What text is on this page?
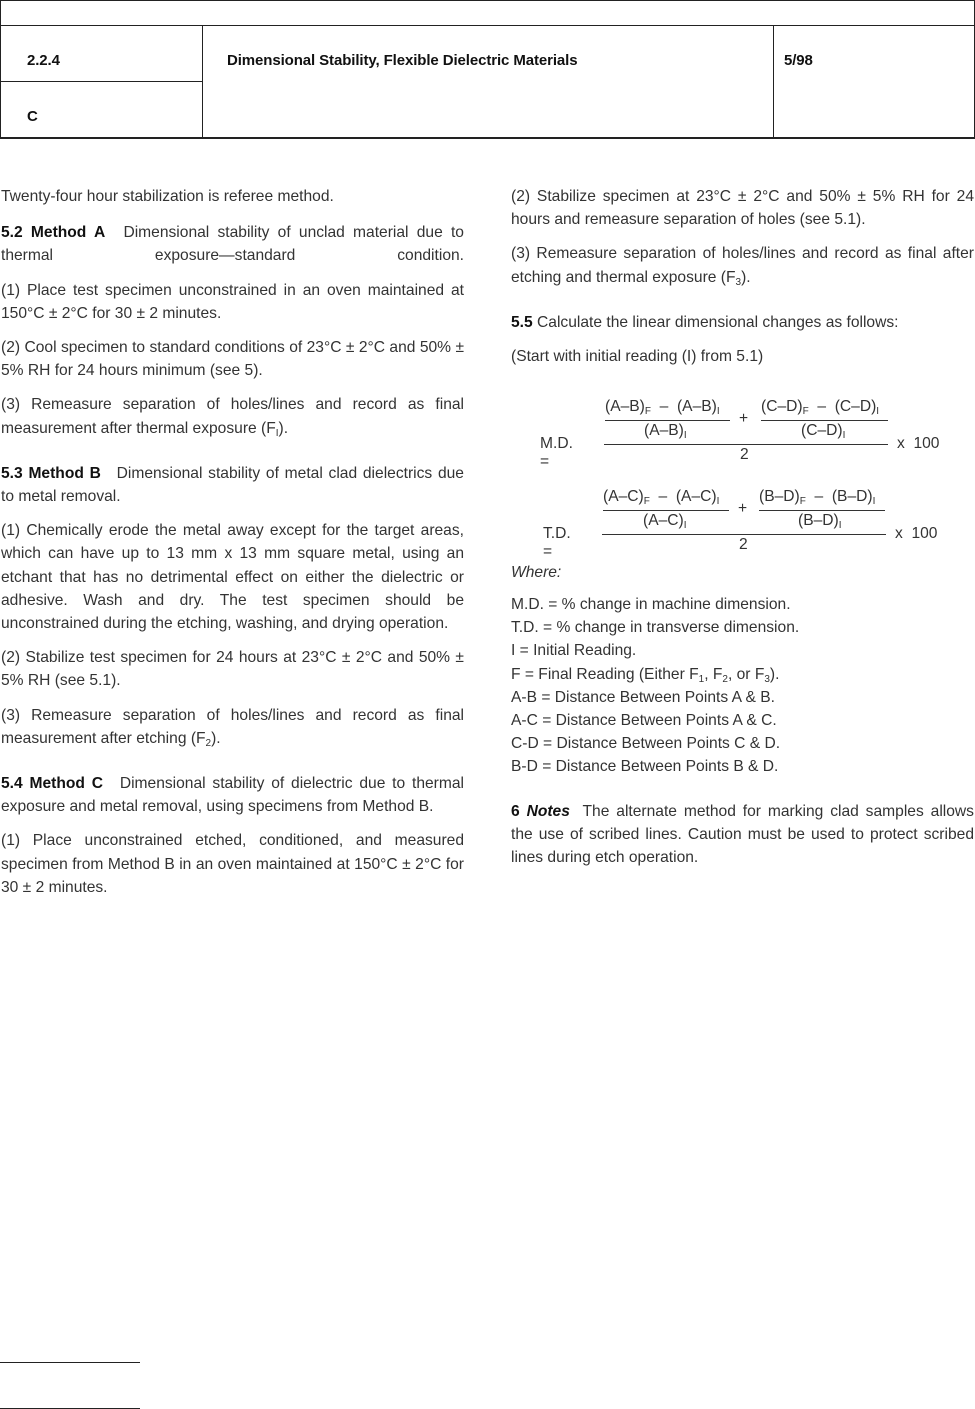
2.2.4
C
Dimensional Stability, Flexible Dielectric Materials	5/98

Twenty-four hour stabilization is referee method.

5.2 Method A Dimensional stability of unclad material due to thermal exposure—standard condition.

(1) Place test specimen unconstrained in an oven maintained at 150°C ± 2°C for 30 ± 2 minutes.

(2) Cool specimen to standard conditions of 23°C ± 2°C and 50% ± 5% RH for 24 hours minimum (see 5).

(3) Remeasure separation of holes/lines and record as final measurement after thermal exposure $(F_I)$.

5.3 Method B Dimensional stability of metal clad dielectrics due to metal removal.

(1) Chemically erode the metal away except for the target areas, which can have up to 13 mm x 13 mm square metal, using an etchant that has no detrimental effect on either the dielectric or adhesive. Wash and dry. The test specimen should be unconstrained during the etching, washing, and drying operation.

(2) Stabilize test specimen for 24 hours at 23°C ± 2°C and 50% ± 5% RH (see 5.1).

(3) Remeasure separation of holes/lines and record as final measurement after etching $(F_2)$.

5.4 Method C Dimensional stability of dielectric due to thermal exposure and metal removal, using specimens from Method B.

(1) Place unconstrained etched, conditioned, and measured specimen from Method B in an oven maintained at 150°C ± 2°C for 30 ± 2 minutes.

(2) Stabilize specimen at 23°C ± 2°C and 50% ± 5% RH for 24 hours and remeasure separation of holes (see 5.1).

(3) Remeasure separation of holes/lines and record as final after etching and thermal exposure $(F_3)$.

5.5 Calculate the linear dimensional changes as follows:

(Start with initial reading (I) from 5.1)

M.D. =
$(A-B)_F - (A-B)_I$
$(A-B)_I$
+
$(C-D)_F - (C-D)_I$
$(C-D)_I$
2
x  100
T.D. =
$(A-C)_F - (A-C)_I$
$(A-C)_I$
+
$(B-D)_F - (B-D)_I$
$(B-D)_I$
2
x  100
Where:
M.D. = % change in machine dimension.
T.D. = % change in transverse dimension.
I = Initial Reading.
F = Final Reading (Either $F_1$, $F_2$, or $F_3$).
A-B = Distance Between Points A & B.
A-C = Distance Between Points A & C.
C-D = Distance Between Points C & D.
B-D = Distance Between Points B & D.
6 Notes The alternate method for marking clad samples allows the use of scribed lines. Caution must be used to protect scribed lines during etch operation.
